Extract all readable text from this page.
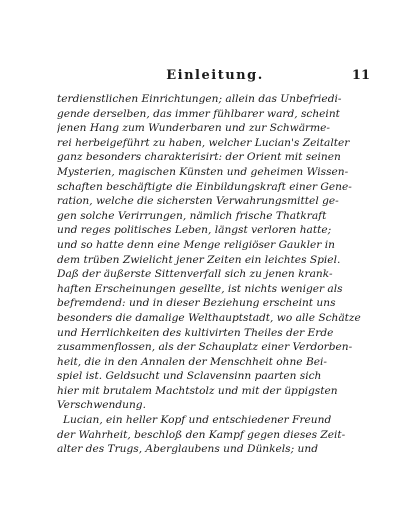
Einleitung.	11
terdienstlichen Einrichtungen; allein das Unbefriedi-
gende derselben, das immer fühlbarer ward, scheint
jenen Hang zum Wunderbaren und zur Schwärme-
rei herbeigeführt zu haben, welcher Lucian's Zeitalter
ganz besonders charakterisirt: der Orient mit seinen
Mysterien, magischen Künsten und geheimen Wissen-
schaften beschäftigte die Einbildungskraft einer Gene-
ration, welche die sichersten Verwahrungsmittel ge-
gen solche Verirrungen, nämlich frische Thatkraft
und reges politisches Leben, längst verloren hatte;
und so hatte denn eine Menge religiöser Gaukler in
dem trüben Zwielicht jener Zeiten ein leichtes Spiel.
Daß der äußerste Sittenverfall sich zu jenen krank-
haften Erscheinungen gesellte, ist nichts weniger als
befremdend: und in dieser Beziehung erscheint uns
besonders die damalige Welthauptstadt, wo alle Schätze
und Herrlichkeiten des kultivirten Theiles der Erde
zusammenflossen, als der Schauplatz einer Verdorben-
heit, die in den Annalen der Menschheit ohne Bei-
spiel ist. Geldsucht und Sclavensinn paarten sich
hier mit brutalem Machtstolz und mit der üppigsten
Verschwendung.
Lucian, ein heller Kopf und entschiedener Freund
der Wahrheit, beschloß den Kampf gegen dieses Zeit-
alter des Trugs, Aberglaubens und Dünkels; und
